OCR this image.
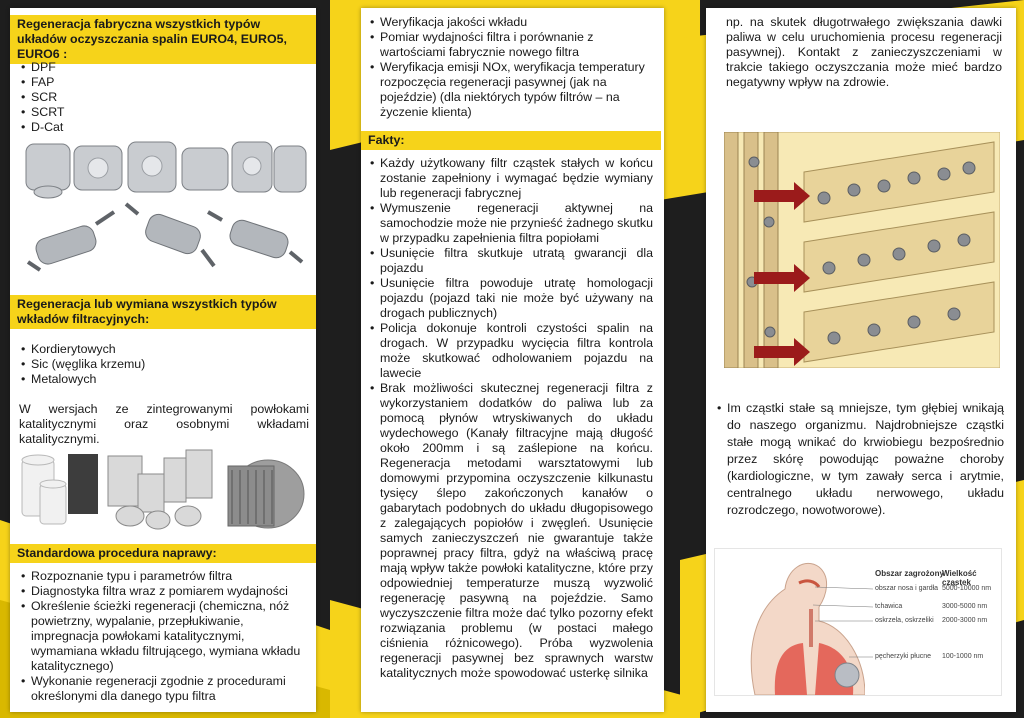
Regeneracja fabryczna wszystkich typów układów oczyszczania spalin EURO4, EURO5, EURO6 :
• DPF
• FAP
• SCR
• SCRT
• D-Cat
Regeneracja lub wymiana wszystkich typów wkładów filtracyjnych:
• Kordierytowych
• Sic (węglika krzemu)
• Metalowych
W wersjach ze zintegrowanymi powłokami katalitycznymi oraz osobnymi wkładami katalitycznymi.
Standardowa procedura naprawy:
• Rozpoznanie typu i parametrów filtra
• Diagnostyka filtra wraz z pomiarem wydajności
• Określenie ścieżki regeneracji (chemiczna, nóż powietrzny, wypalanie, przepłukiwanie, impregnacja powłokami katalitycznymi, wymamiana wkładu filtrującego, wymiana wkładu katalitycznego)
• Wykonanie regeneracji zgodnie z procedurami określonymi dla danego typu filtra
• Weryfikacja jakości wkładu
• Pomiar wydajności filtra i porównanie z wartościami fabrycznie nowego filtra
• Weryfikacja emisji NOx, weryfikacja temperatury rozpoczęcia regeneracji pasywnej (jak na pojeździe) (dla niektórych typów filtrów – na życzenie klienta)
Fakty:
• Każdy użytkowany filtr cząstek stałych w końcu zostanie zapełniony i wymagać będzie wymiany lub regeneracji fabrycznej
• Wymuszenie regeneracji aktywnej na samochodzie może nie przynieść żadnego skutku w przypadku zapełnienia filtra popiołami
• Usunięcie filtra skutkuje utratą gwarancji dla pojazdu
• Usunięcie filtra powoduje utratę homologacji pojazdu (pojazd taki nie może być używany na drogach publicznych)
• Policja dokonuje kontroli czystości spalin na drogach. W przypadku wycięcia filtra kontrola może skutkować odholowaniem pojazdu na lawecie
• Brak możliwości skutecznej regeneracji filtra z wykorzystaniem dodatków do paliwa lub za pomocą płynów wtryskiwanych do układu wydechowego (Kanały filtracyjne mają długość około 200mm i są zaślepione na końcu. Regeneracja metodami warsztatowymi lub domowymi przypomina oczyszczenie kilkunastu tysięcy ślepo zakończonych kanałów o gabarytach podobnych do układu długopisowego z zalegających popiołów i zwęgleń. Usunięcie samych zanieczyszczeń nie gwarantuje także poprawnej pracy filtra, gdyż na właściwą pracę mają wpływ także powłoki katalityczne, które przy odpowiedniej temperaturze muszą wyzwolić regenerację pasywną na pojeździe. Samo wyczyszczenie filtra może dać tylko pozorny efekt rozwiązania problemu (w postaci małego ciśnienia różnicowego). Próba wyzwolenia regeneracji pasywnej bez sprawnych warstw katalitycznych może spowodować usterkę silnika
np. na skutek długotrwałego zwiększania dawki paliwa w celu uruchomienia procesu regeneracji pasywnej). Kontakt z zanieczyszczeniami w trakcie takiego oczyszczania może mieć bardzo negatywny wpływ na zdrowie.
• Im cząstki stałe są mniejsze, tym głębiej wnikają do naszego organizmu. Najdrobniejsze cząstki stałe mogą wnikać do krwiobiegu bezpośrednio przez skórę powodując poważne choroby (kardiologiczne, w tym zawały serca i arytmie, centralnego układu nerwowego, układu rozrodczego, nowotworowe).
Obszar zagrożony
Wielkość cząstek
obszar nosa i gardła 5000-10000 nm
tchawica	3000-5000 nm
oskrzela, oskrzeliki 2000-3000 nm
pęcherzyki płucne 100-1000 nm
